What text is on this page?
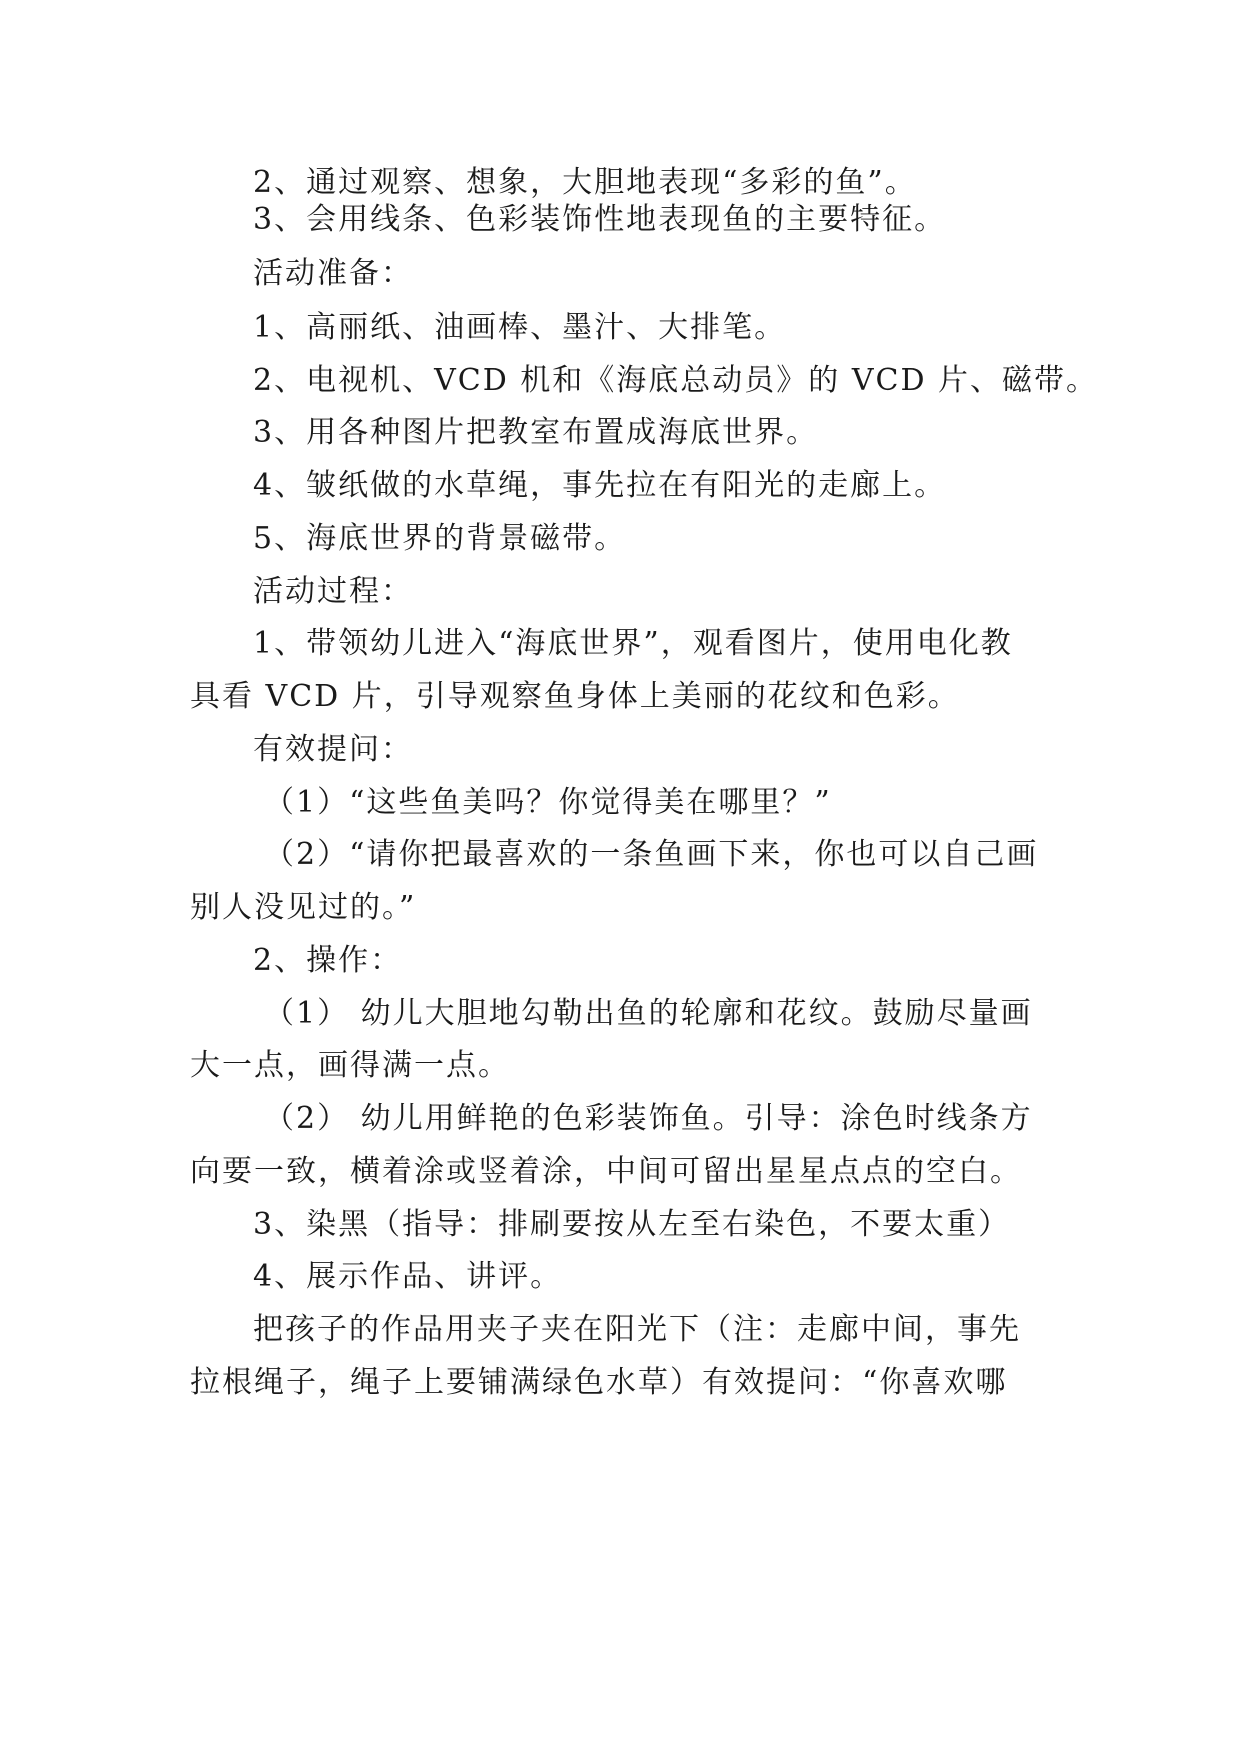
2、通过观察、想象，大胆地表现“多彩的鱼”。
3、会用线条、色彩装饰性地表现鱼的主要特征。
活动准备：
1、高丽纸、油画棒、墨汁、大排笔。
2、电视机、VCD 机和《海底总动员》的 VCD 片、磁带。
3、用各种图片把教室布置成海底世界。
4、皱纸做的水草绳，事先拉在有阳光的走廊上。
5、海底世界的背景磁带。
活动过程：
1、带领幼儿进入“海底世界”，观看图片，使用电化教
具看 VCD 片，引导观察鱼身体上美丽的花纹和色彩。
有效提问：
（1）“这些鱼美吗？你觉得美在哪里？”
（2）“请你把最喜欢的一条鱼画下来，你也可以自己画
别人没见过的。”
2、操作：
（1） 幼儿大胆地勾勒出鱼的轮廓和花纹。鼓励尽量画
大一点，画得满一点。
（2） 幼儿用鲜艳的色彩装饰鱼。引导：涂色时线条方
向要一致，横着涂或竖着涂，中间可留出星星点点的空白。
3、染黑（指导：排刷要按从左至右染色，不要太重）
4、展示作品、讲评。
把孩子的作品用夹子夹在阳光下（注：走廊中间，事先
拉根绳子，绳子上要铺满绿色水草）有效提问：“你喜欢哪
